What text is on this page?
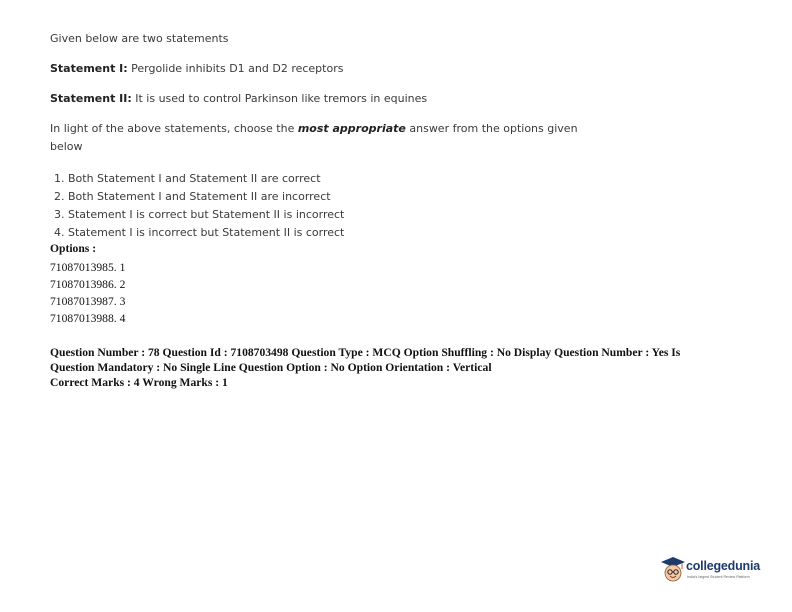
Given below are two statements
Statement I: Pergolide inhibits D1 and D2 receptors
Statement II: It is used to control Parkinson like tremors in equines
In light of the above statements, choose the most appropriate answer from the options given
below
1. Both Statement I and Statement II are correct
2. Both Statement I and Statement II are incorrect
3. Statement I is correct but Statement II is incorrect
4. Statement I is incorrect but Statement II is correct
Options :
71087013985. 1
71087013986. 2
71087013987. 3
71087013988. 4
Question Number : 78 Question Id : 7108703498 Question Type : MCQ Option Shuffling : No Display Question Number : Yes Is
Question Mandatory : No Single Line Question Option : No Option Orientation : Vertical
Correct Marks : 4 Wrong Marks : 1
collegedunia
India's largest Student Review Platform
